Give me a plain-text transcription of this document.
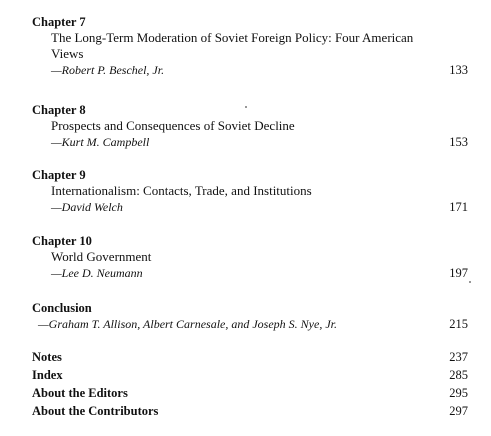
Chapter 7
The Long-Term Moderation of Soviet Foreign Policy: Four American Views
—Robert P. Beschel, Jr.	133
Chapter 8
Prospects and Consequences of Soviet Decline
—Kurt M. Campbell	153
Chapter 9
Internationalism: Contacts, Trade, and Institutions
—David Welch	171
Chapter 10
World Government
—Lee D. Neumann	197
Conclusion
—Graham T. Allison, Albert Carnesale, and Joseph S. Nye, Jr.	215
Notes	237
Index	285
About the Editors	295
About the Contributors	297
